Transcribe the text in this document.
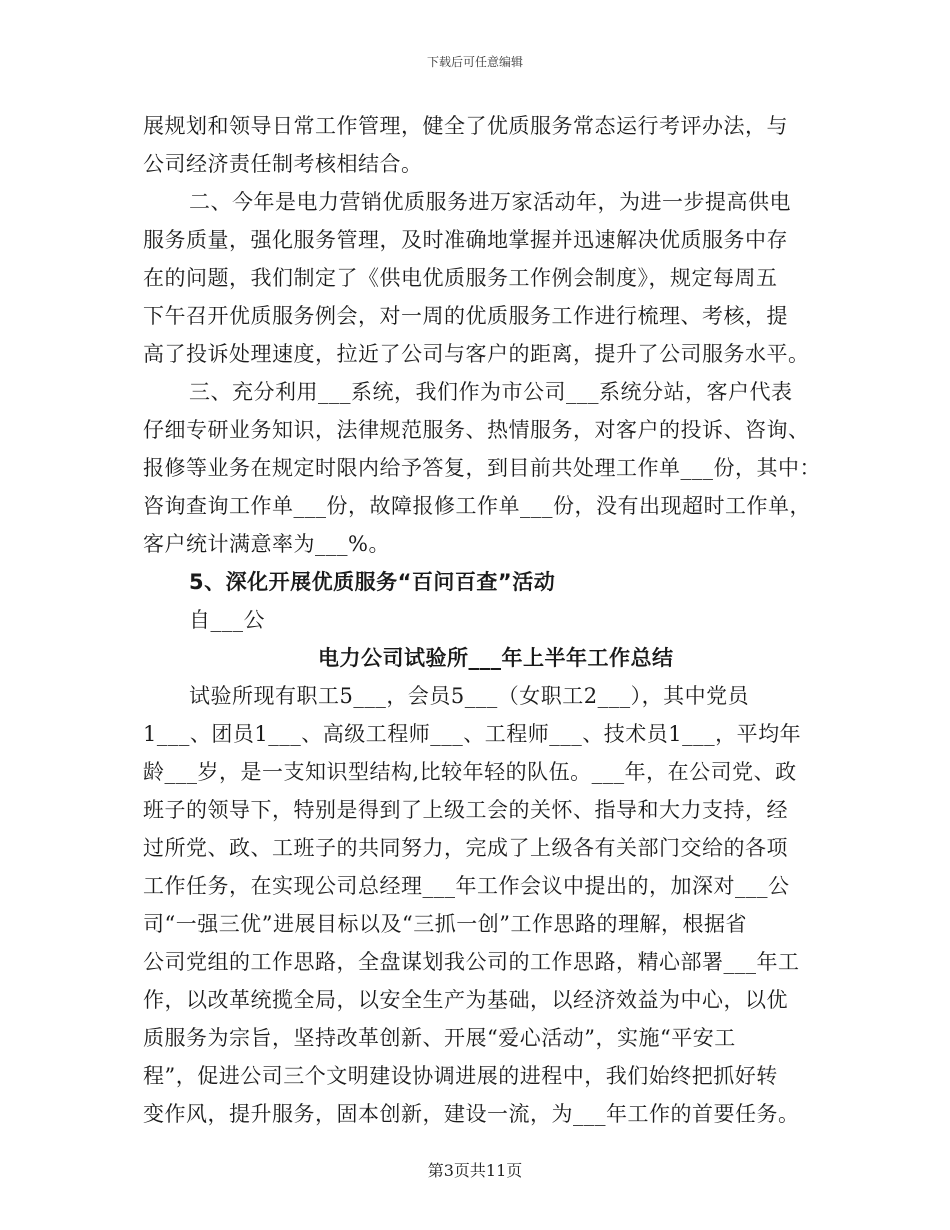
下载后可任意编辑
展规划和领导日常工作管理，健全了优质服务常态运行考评办法，与
公司经济责任制考核相结合。
二、今年是电力营销优质服务进万家活动年，为进一步提高供电
服务质量，强化服务管理，及时准确地掌握并迅速解决优质服务中存
在的问题，我们制定了《供电优质服务工作例会制度》，规定每周五
下午召开优质服务例会，对一周的优质服务工作进行梳理、考核，提
高了投诉处理速度，拉近了公司与客户的距离，提升了公司服务水平。
三、充分利用___系统，我们作为市公司___系统分站，客户代表
仔细专研业务知识，法律规范服务、热情服务，对客户的投诉、咨询、
报修等业务在规定时限内给予答复，到目前共处理工作单___份，其中：
咨询查询工作单___份，故障报修工作单___份，没有出现超时工作单，
客户统计满意率为___%。
5、深化开展优质服务“百问百查”活动
自___公
电力公司试验所___年上半年工作总结
试验所现有职工5___，会员5___（女职工2___），其中党员
1___、团员1___、高级工程师___、工程师___、技术员1___，平均年
龄___岁，是一支知识型结构,比较年轻的队伍。___年，在公司党、政
班子的领导下，特别是得到了上级工会的关怀、指导和大力支持，经
过所党、政、工班子的共同努力，完成了上级各有关部门交给的各项
工作任务，在实现公司总经理___年工作会议中提出的，加深对___公
司“一强三优”进展目标以及“三抓一创”工作思路的理解，根据省
公司党组的工作思路，全盘谋划我公司的工作思路，精心部署___年工
作，以改革统揽全局，以安全生产为基础，以经济效益为中心，以优
质服务为宗旨，坚持改革创新、开展“爱心活动”，实施“平安工
程”，促进公司三个文明建设协调进展的进程中，我们始终把抓好转
变作风，提升服务，固本创新，建设一流，为___年工作的首要任务。
第3页共11页
